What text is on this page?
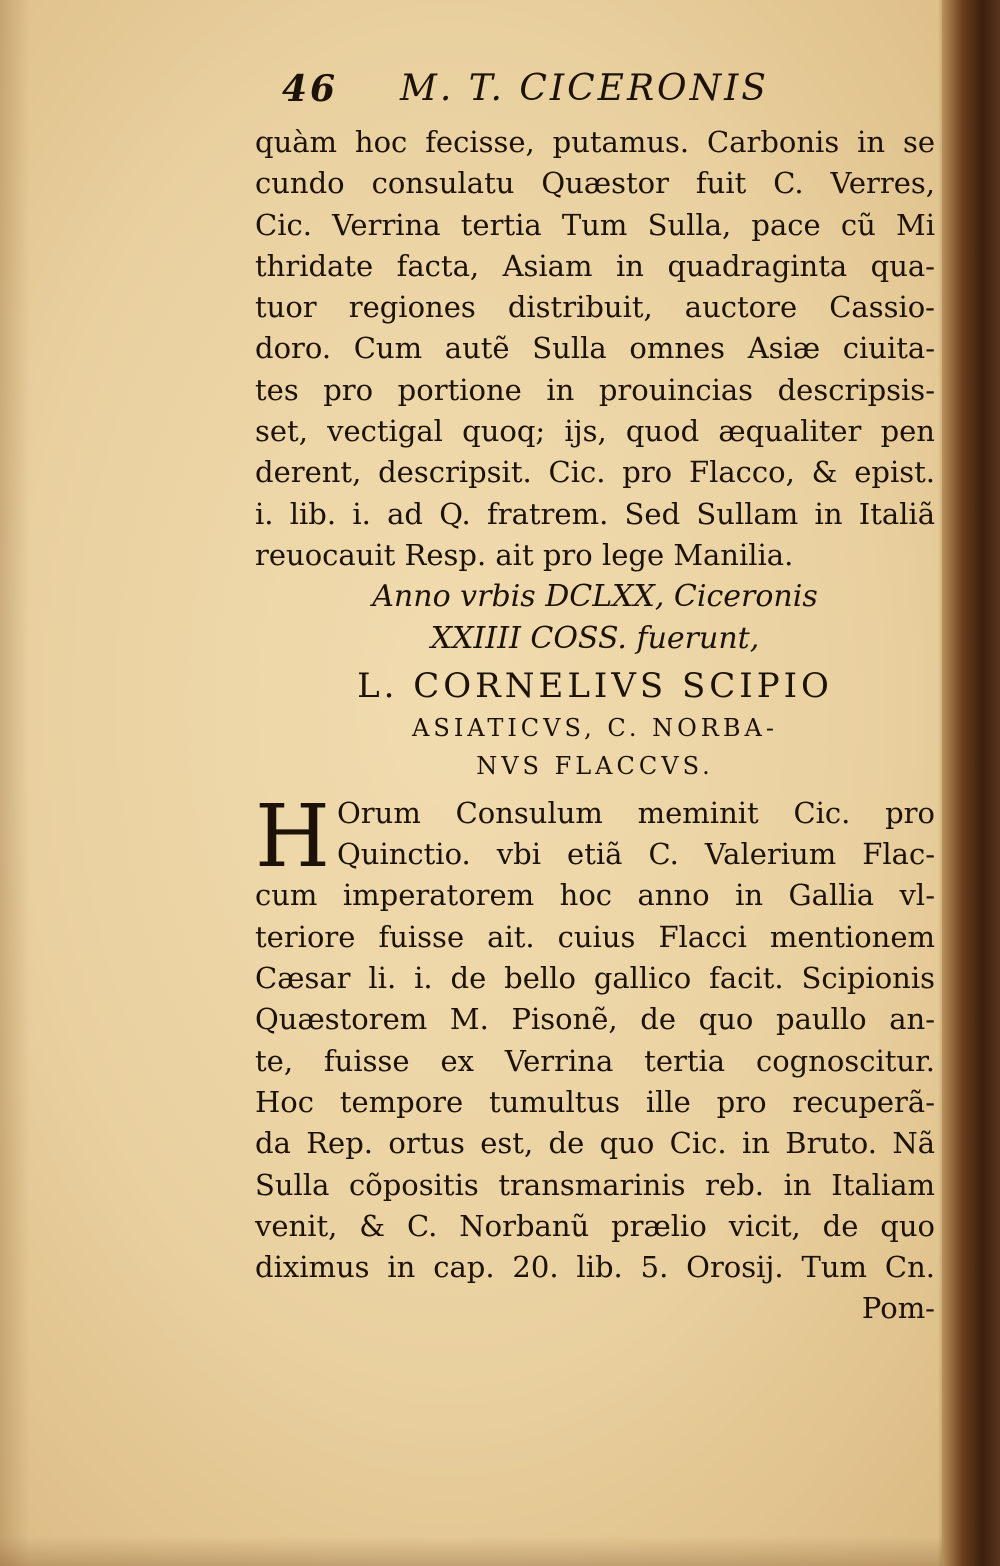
46 M. T. CICERONIS
quàm hoc fecisse, putamus. Carbonis in se
cundo consulatu Quæstor fuit C. Verres,
Cic. Verrina tertia Tum Sulla, pace cũ Mi
thridate facta, Asiam in quadraginta qua-
tuor regiones distribuit, auctore Cassio-
doro. Cum autẽ Sulla omnes Asiæ ciuita-
tes pro portione in prouincias descripsis-
set, vectigal quoq; ijs, quod æqualiter pen
derent, descripsit. Cic. pro Flacco, & epist.
i. lib. i. ad Q. fratrem. Sed Sullam in Italiã
reuocauit Resp. ait pro lege Manilia.
Anno vrbis DCLXX, Ciceronis
XXIIII COSS. fuerunt,
L. CORNELIVS SCIPIO
ASIATICVS, C. NORBA-
NVS FLACCVS.
H Orum Consulum meminit Cic. pro
Quinctio. vbi etiã C. Valerium Flac-
cum imperatorem hoc anno in Gallia vl-
teriore fuisse ait. cuius Flacci mentionem
Cæsar li. i. de bello gallico facit. Scipionis
Quæstorem M. Pisonẽ, de quo paullo an-
te, fuisse ex Verrina tertia cognoscitur.
Hoc tempore tumultus ille pro recuperã-
da Rep. ortus est, de quo Cic. in Bruto. Nã
Sulla cõpositis transmarinis reb. in Italiam
venit, & C. Norbanũ prælio vicit, de quo
diximus in cap. 20. lib. 5. Orosij. Tum Cn.
Pom-
